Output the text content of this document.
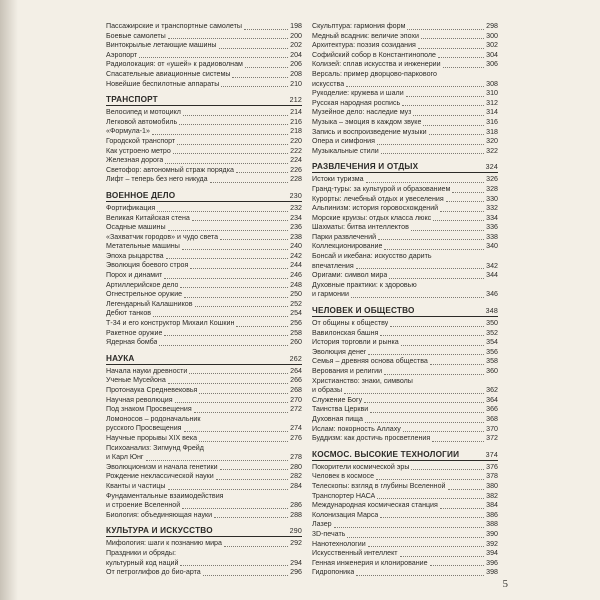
Пассажирские и транспортные самолеты	198
Боевые самолеты	200
Винтокрылые летающие машины	202
Аэропорт	204
Радиолокация: от «ушей» к радиоволнам	206
Спасательные авиационные системы	208
Новейшие беспилотные аппараты	210
ТРАНСПОРТ	212
Велосипед и мотоцикл	214
Легковой автомобиль	216
«Формула-1»	218
Городской транспорт	220
Как устроено метро	222
Железная дорога	224
Светофор: автономный страж порядка	226
Лифт – теперь без него никуда	228
ВОЕННОЕ ДЕЛО	230
Фортификация	232
Великая Китайская стена	234
Осадные машины	236
«Захватчик городов» и чудо света	238
Метательные машины	240
Эпоха рыцарства	242
Эволюция боевого строя	244
Порох и динамит	246
Артиллерийское дело	248
Огнестрельное оружие	250
Легендарный Калашников	252
Дебют танков	254
Т-34 и его конструктор Михаил Кошкин	256
Ракетное оружие	258
Ядерная бомба	260
НАУКА	262
Начала науки древности	264
Ученые Мусейона	266
Протонаука Средневековья	268
Научная революция	270
Под знаком Просвещения	272
Ломоносов – родоначальник
русского Просвещения	274
Научные прорывы XIX века	276
Психоанализ: Зигмунд Фрейд
и Карл Юнг	278
Эволюционизм и начала генетики	280
Рождение неклассической науки	282
Кванты и частицы	284
Фундаментальные взаимодействия
и строение Вселенной	286
Биология: объединяющая науки	288
КУЛЬТУРА И ИСКУССТВО	290
Мифология: шаги к познанию мира	292
Праздники и обряды:
культурный код наций	294
От петроглифов до био-арта	296
Скульптура: гармония форм	298
Медный всадник: величие эпохи	300
Архитектура: поэзия созидания	302
Софийский собор в Константинополе	304
Колизей: сплав искусства и инженерии	306
Версаль: пример дворцово-паркового
искусства	308
Рукоделие: кружева и шали	310
Русская народная роспись	312
Музейное дело: наследие муз	314
Музыка – эмоция в каждом звуке	316
Запись и воспроизведение музыки	318
Опера и симфония	320
Музыкальные стили	322
РАЗВЛЕЧЕНИЯ И ОТДЫХ	324
Истоки туризма	326
Гранд-туры: за культурой и образованием	328
Курорты: лечебный отдых и увеселения	330
Альпинизм: история горовосхождений	332
Морские круизы: отдых класса люкс	334
Шахматы: битва интеллектов	336
Парки развлечений	338
Коллекционирование	340
Бонсай и икебана: искусство дарить
впечатления	342
Оригами: символ мира	344
Духовные практики: к здоровью
и гармонии	346
ЧЕЛОВЕК И ОБЩЕСТВО	348
От общины к обществу	350
Вавилонская башня	352
История торговли и рынка	354
Эволюция денег	356
Семья – древняя основа общества	358
Верования и религии	360
Христианство: знаки, символы
и образы	362
Служение Богу	364
Таинства Церкви	366
Духовная пища	368
Ислам: покорность Аллаху	370
Буддизм: как достичь просветления	372
КОСМОС. ВЫСОКИЕ ТЕХНОЛОГИИ	374
Покорители космической эры	376
Человек в космосе	378
Телескопы: взгляд в глубины Вселенной	380
Транспортер НАСА	382
Международная космическая станция	384
Колонизация Марса	386
Лазер	388
3D-печать	390
Нанотехнологии	392
Искусственный интеллект	394
Генная инженерия и клонирование	396
Гидропоника	398
5
